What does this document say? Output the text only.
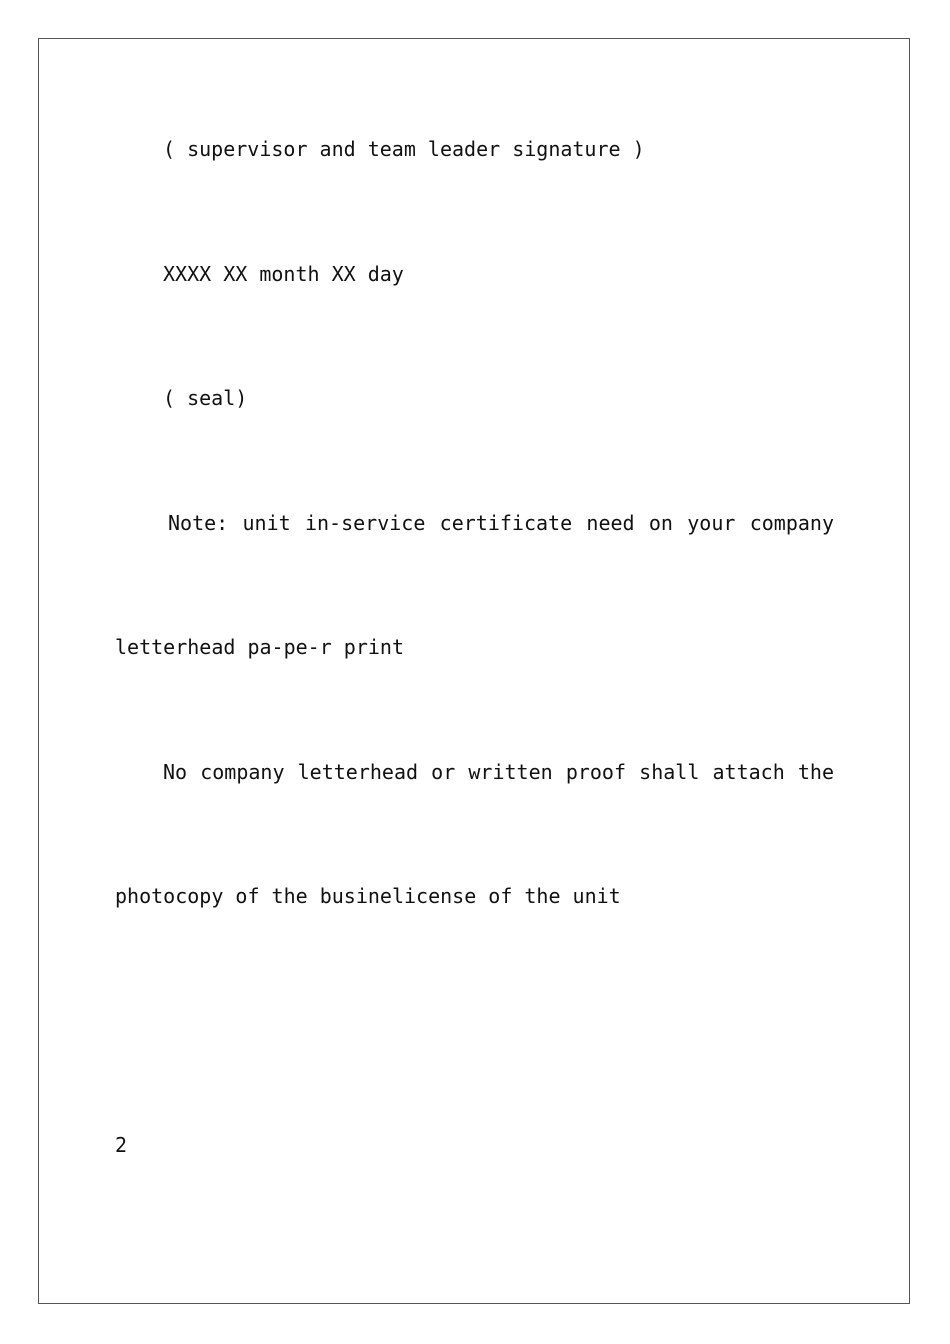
( supervisor and team leader signature )
XXXX XX month XX day
( seal)
Note: unit in-service certificate need on your company
letterhead pa-pe-r print
No company letterhead or written proof shall attach the
photocopy of the businelicense of the unit
2
